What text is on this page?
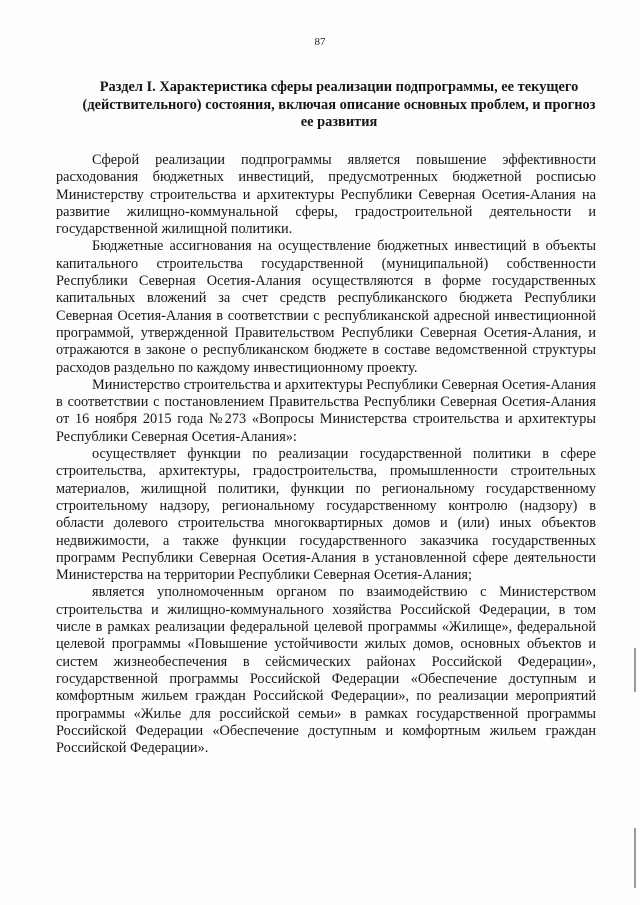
87
Раздел I. Характеристика сферы реализации подпрограммы, ее текущего (действительного) состояния, включая описание основных проблем, и прогноз ее развития

Сферой реализации подпрограммы является повышение эффективности расходования бюджетных инвестиций, предусмотренных бюджетной росписью Министерству строительства и архитектуры Республики Северная Осетия-Алания на развитие жилищно-коммунальной сферы, градостроительной деятельности и государственной жилищной политики.

Бюджетные ассигнования на осуществление бюджетных инвестиций в объекты капитального строительства государственной (муниципальной) собственности Республики Северная Осетия-Алания осуществляются в форме государственных капитальных вложений за счет средств республиканского бюджета Республики Северная Осетия-Алания в соответствии с республиканской адресной инвестиционной программой, утвержденной Правительством Республики Северная Осетия-Алания, и отражаются в законе о республиканском бюджете в составе ведомственной структуры расходов раздельно по каждому инвестиционному проекту.

Министерство строительства и архитектуры Республики Северная Осетия-Алания в соответствии с постановлением Правительства Республики Северная Осетия-Алания от 16 ноября 2015 года №273 «Вопросы Министерства строительства и архитектуры Республики Северная Осетия-Алания»:

осуществляет функции по реализации государственной политики в сфере строительства, архитектуры, градостроительства, промышленности строительных материалов, жилищной политики, функции по региональному государственному строительному надзору, региональному государственному контролю (надзору) в области долевого строительства многоквартирных домов и (или) иных объектов недвижимости, а также функции государственного заказчика государственных программ Республики Северная Осетия-Алания в установленной сфере деятельности Министерства на территории Республики Северная Осетия-Алания;

является уполномоченным органом по взаимодействию с Министерством строительства и жилищно-коммунального хозяйства Российской Федерации, в том числе в рамках реализации федеральной целевой программы «Жилище», федеральной целевой программы «Повышение устойчивости жилых домов, основных объектов и систем жизнеобеспечения в сейсмических районах Российской Федерации», государственной программы Российской Федерации «Обеспечение доступным и комфортным жильем граждан Российской Федерации», по реализации мероприятий программы «Жилье для российской семьи» в рамках государственной программы Российской Федерации «Обеспечение доступным и комфортным жильем граждан Российской Федерации».
